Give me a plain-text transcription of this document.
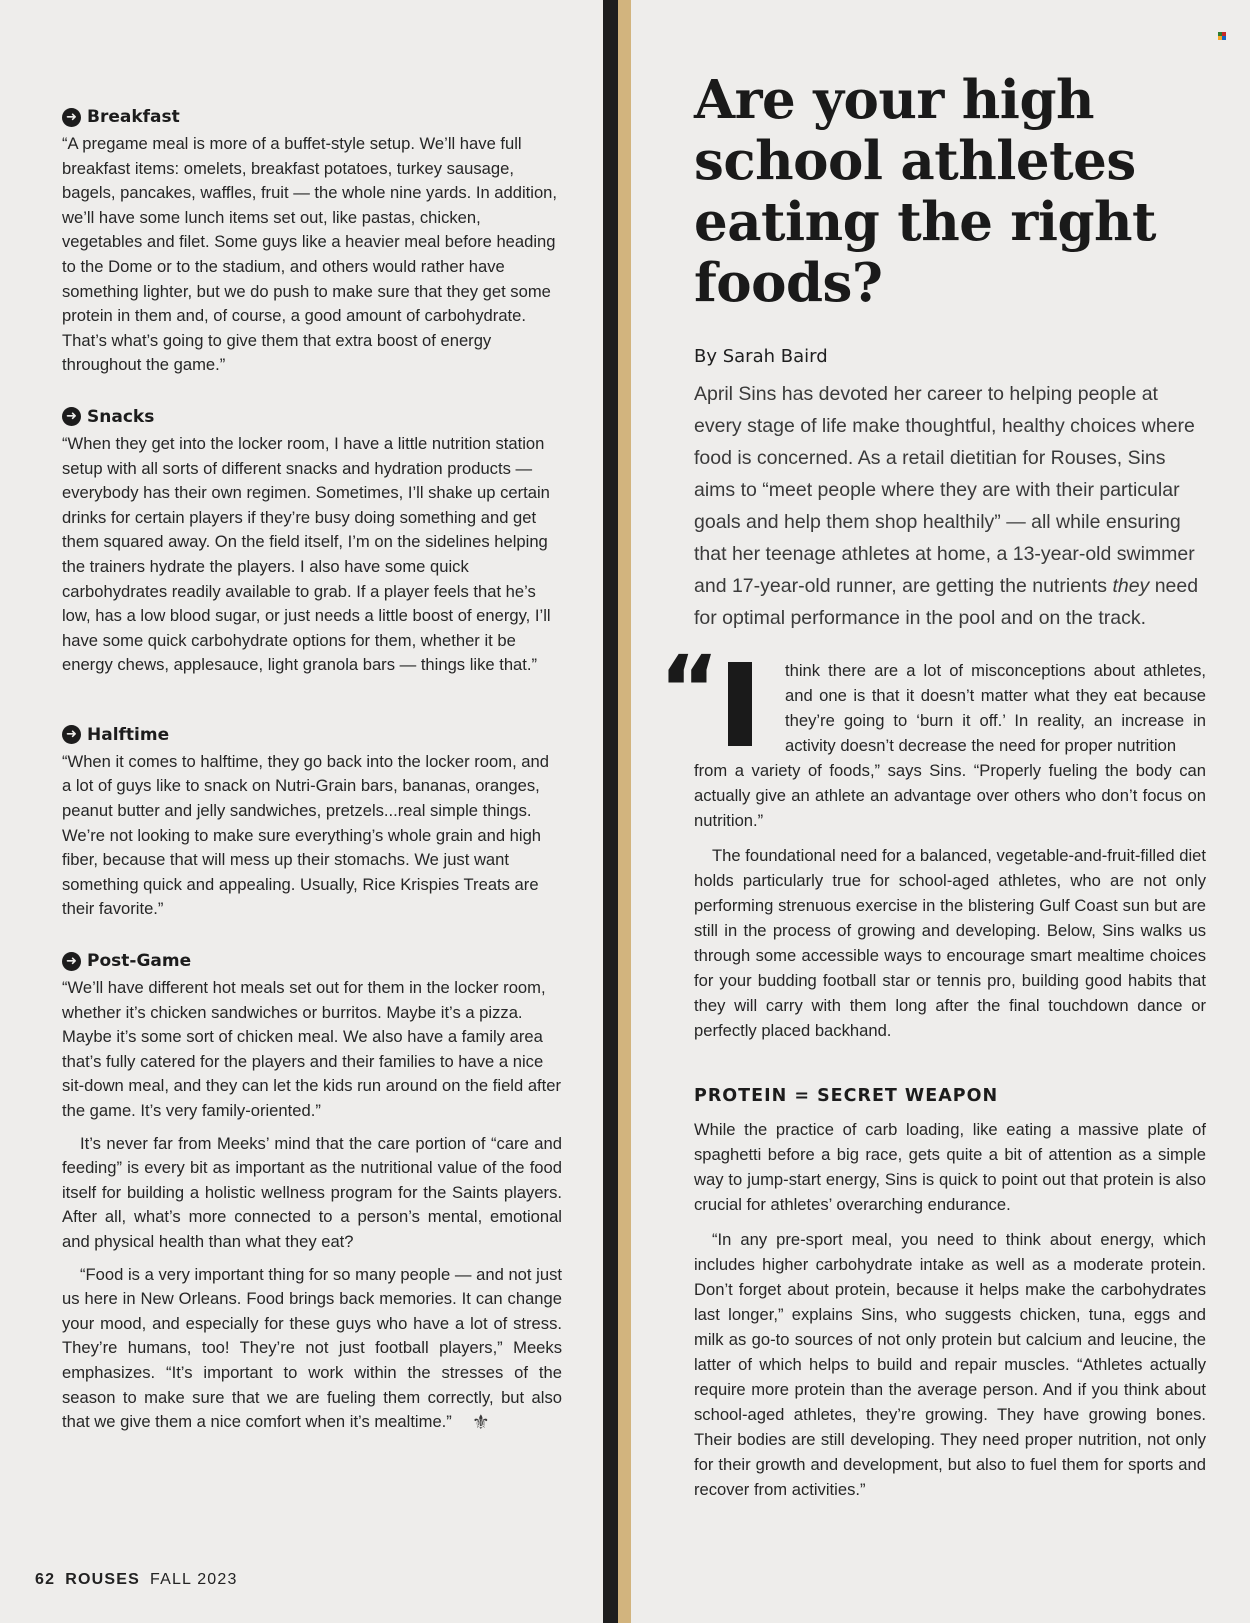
➜ Breakfast
“A pregame meal is more of a buffet-style setup. We’ll have full breakfast items: omelets, breakfast potatoes, turkey sausage, bagels, pancakes, waffles, fruit — the whole nine yards. In addition, we’ll have some lunch items set out, like pastas, chicken, vegetables and filet. Some guys like a heavier meal before heading to the Dome or to the stadium, and others would rather have something lighter, but we do push to make sure that they get some protein in them and, of course, a good amount of carbohydrate. That’s what’s going to give them that extra boost of energy throughout the game.”
➜ Snacks
“When they get into the locker room, I have a little nutrition station setup with all sorts of different snacks and hydration products — everybody has their own regimen. Sometimes, I’ll shake up certain drinks for certain players if they’re busy doing something and get them squared away. On the field itself, I’m on the sidelines helping the trainers hydrate the players. I also have some quick carbohydrates readily available to grab. If a player feels that he’s low, has a low blood sugar, or just needs a little boost of energy, I’ll have some quick carbohydrate options for them, whether it be energy chews, applesauce, light granola bars — things like that.”
➜ Halftime
“When it comes to halftime, they go back into the locker room, and a lot of guys like to snack on Nutri-Grain bars, bananas, oranges, peanut butter and jelly sandwiches, pretzels...real simple things. We’re not looking to make sure everything’s whole grain and high fiber, because that will mess up their stomachs. We just want something quick and appealing. Usually, Rice Krispies Treats are their favorite.”
➜ Post-Game
“We’ll have different hot meals set out for them in the locker room, whether it’s chicken sandwiches or burritos. Maybe it’s a pizza. Maybe it’s some sort of chicken meal. We also have a family area that’s fully catered for the players and their families to have a nice sit-down meal, and they can let the kids run around on the field after the game. It’s very family-oriented.”

It’s never far from Meeks’ mind that the care portion of “care and feeding” is every bit as important as the nutritional value of the food itself for building a holistic wellness program for the Saints players. After all, what’s more connected to a person’s mental, emotional and physical health than what they eat?

“Food is a very important thing for so many people — and not just us here in New Orleans. Food brings back memories. It can change your mood, and especially for these guys who have a lot of stress. They’re humans, too! They’re not just football players,” Meeks emphasizes. “It’s important to work within the stresses of the season to make sure that we are fueling them correctly, but also that we give them a nice comfort when it’s mealtime.” ⚜

62 ROUSES FALL 2023
Are your high school athletes eating the right foods?
By Sarah Baird

April Sins has devoted her career to helping people at every stage of life make thoughtful, healthy choices where food is concerned. As a retail dietitian for Rouses, Sins aims to “meet people where they are with their particular goals and help them shop healthily” — all while ensuring that her teenage athletes at home, a 13-year-old swimmer and 17-year-old runner, are getting the nutrients they need for optimal performance in the pool and on the track.

“	think there are a lot of misconceptions about athletes, and one is that it doesn’t matter what they eat because they’re going to ‘burn it off.’ In reality, an increase in activity doesn’t decrease the need for proper nutrition

from a variety of foods,” says Sins. “Properly fueling the body can actually give an athlete an advantage over others who don’t focus on nutrition.”

The foundational need for a balanced, vegetable-and-fruit-filled diet holds particularly true for school-aged athletes, who are not only performing strenuous exercise in the blistering Gulf Coast sun but are still in the process of growing and developing. Below, Sins walks us through some accessible ways to encourage smart mealtime choices for your budding football star or tennis pro, building good habits that they will carry with them long after the final touchdown dance or perfectly placed backhand.

PROTEIN = SECRET WEAPON

While the practice of carb loading, like eating a massive plate of spaghetti before a big race, gets quite a bit of attention as a simple way to jump-start energy, Sins is quick to point out that protein is also crucial for athletes’ overarching endurance.

“In any pre-sport meal, you need to think about energy, which includes higher carbohydrate intake as well as a moderate protein. Don’t forget about protein, because it helps make the carbohydrates last longer,” explains Sins, who suggests chicken, tuna, eggs and milk as go-to sources of not only protein but calcium and leucine, the latter of which helps to build and repair muscles. “Athletes actually require more protein than the average person. And if you think about school-aged athletes, they’re growing. They have growing bones. Their bodies are still developing. They need proper nutrition, not only for their growth and development, but also to fuel them for sports and recover from activities.”
